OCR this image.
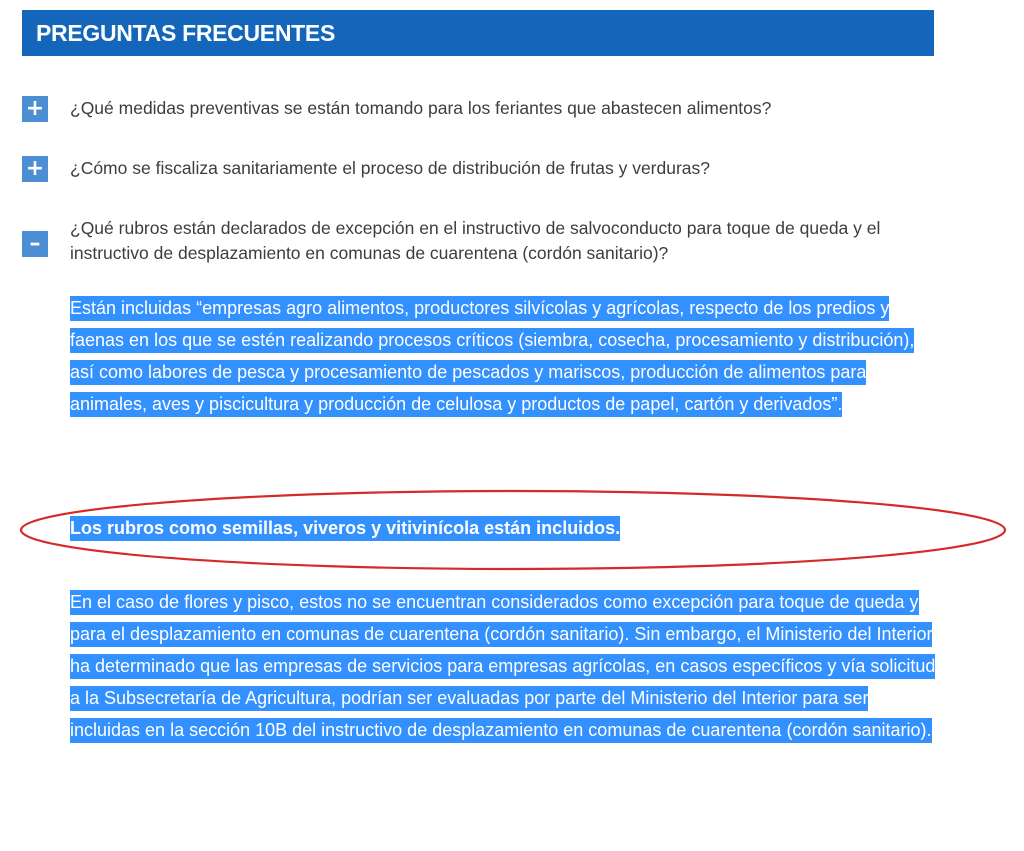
PREGUNTAS FRECUENTES
+ ¿Qué medidas preventivas se están tomando para los feriantes que abastecen alimentos?
+ ¿Cómo se fiscaliza sanitariamente el proceso de distribución de frutas y verduras?
–
¿Qué rubros están declarados de excepción en el instructivo de salvoconducto para toque de queda y el instructivo de desplazamiento en comunas de cuarentena (cordón sanitario)?
Están incluidas “empresas agro alimentos, productores silvícolas y agrícolas, respecto de los predios y faenas en los que se estén realizando procesos críticos (siembra, cosecha, procesamiento y distribución), así como labores de pesca y procesamiento de pescados y mariscos, producción de alimentos para animales, aves y piscicultura y producción de celulosa y productos de papel, cartón y derivados”.
Los rubros como semillas, viveros y vitivinícola están incluidos.
En el caso de flores y pisco, estos no se encuentran considerados como excepción para toque de queda y para el desplazamiento en comunas de cuarentena (cordón sanitario). Sin embargo, el Ministerio del Interior ha determinado que las empresas de servicios para empresas agrícolas, en casos específicos y vía solicitud a la Subsecretaría de Agricultura, podrían ser evaluadas por parte del Ministerio del Interior para ser incluidas en la sección 10B del instructivo de desplazamiento en comunas de cuarentena (cordón sanitario).
